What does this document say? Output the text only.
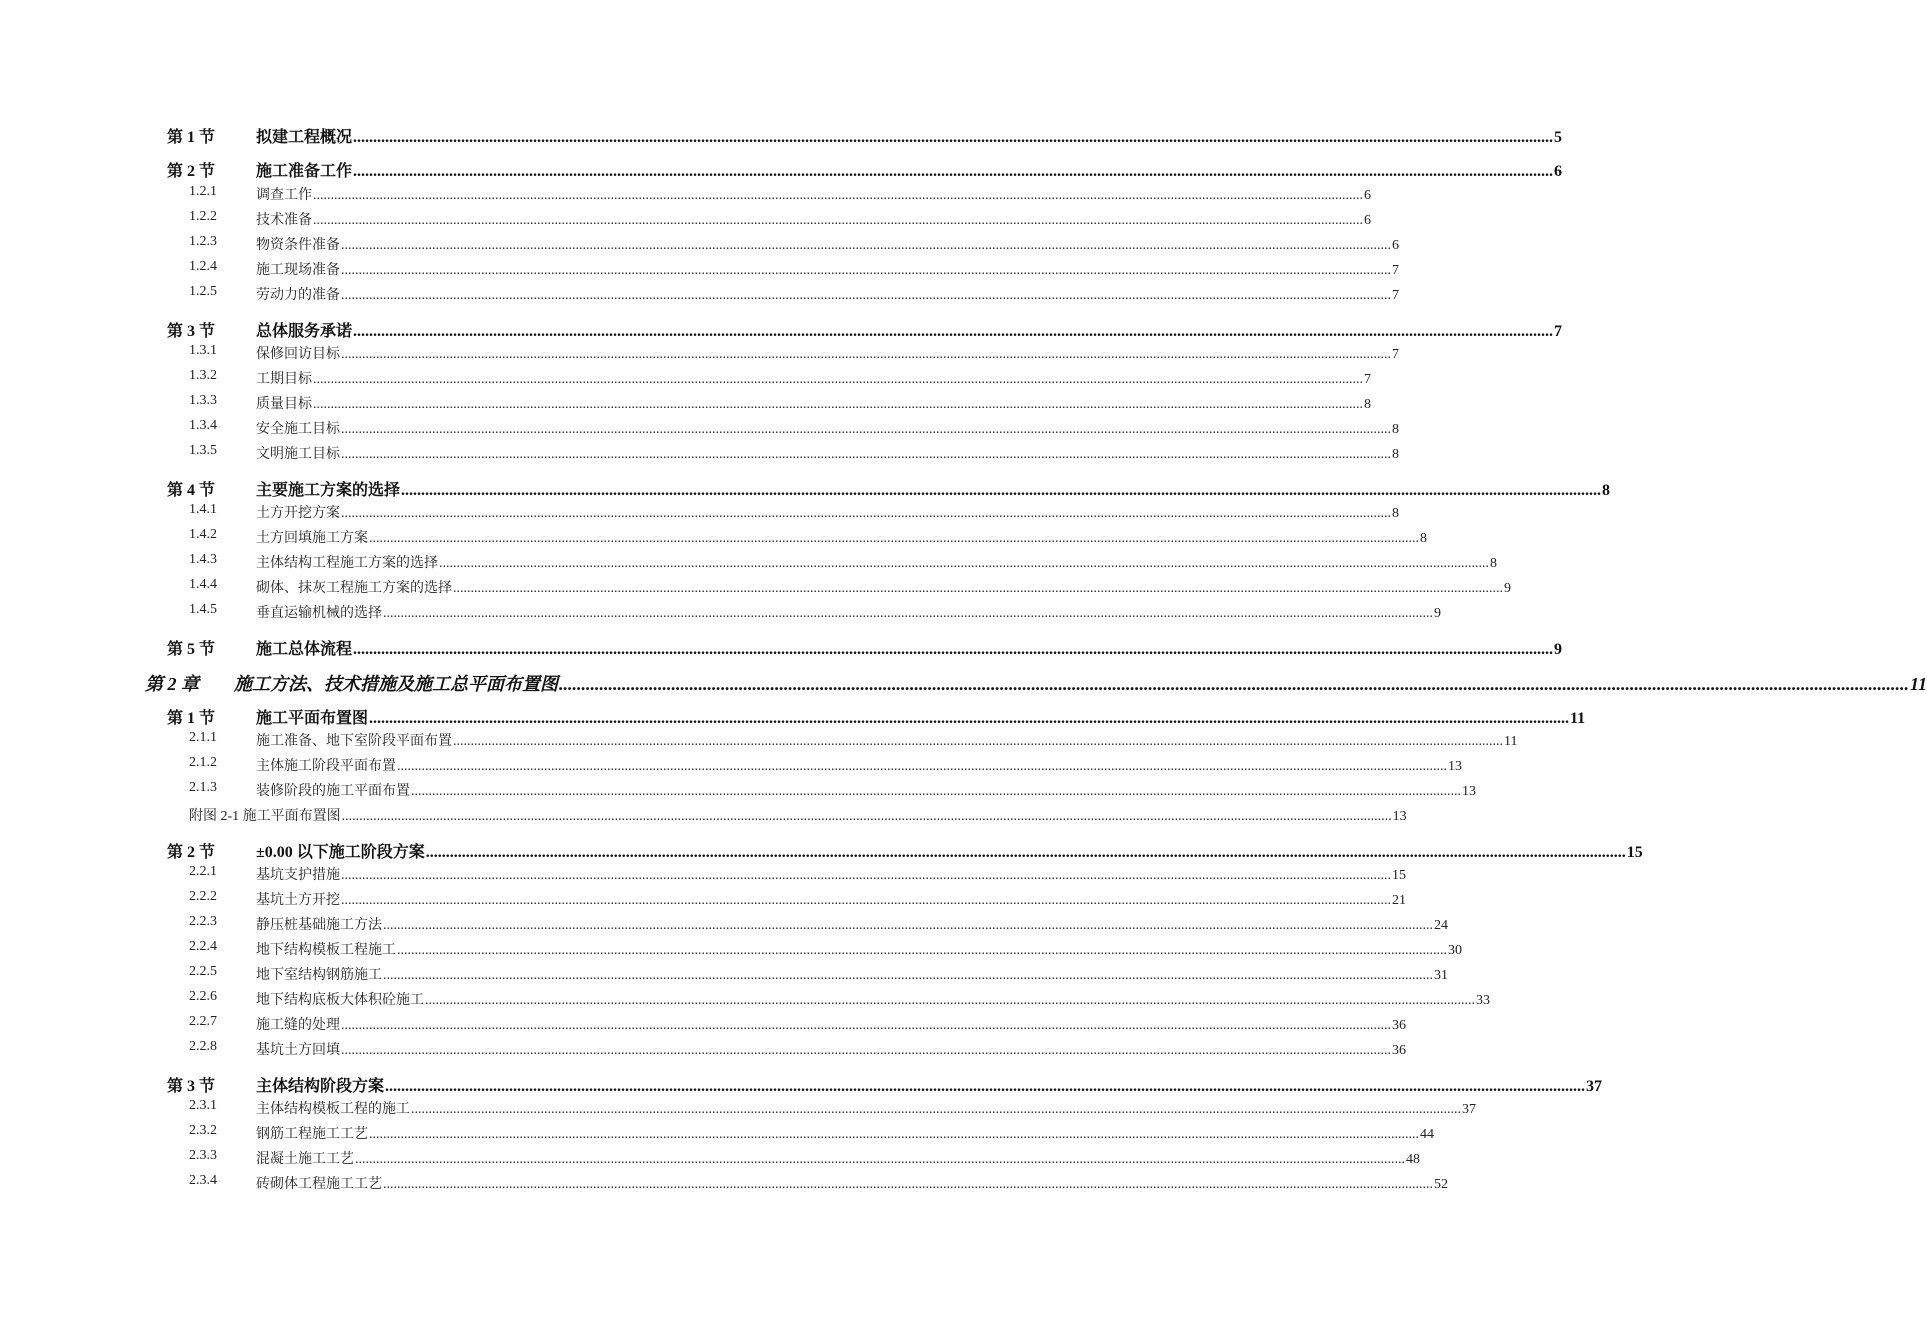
第 1 节	拟建工程概况 ............................................................................................................................................................................................................................................................................................................ 5
第 2 节	施工准备工作 ............................................................................................................................................................................................................................................................................................................ 6
1.2.1	调查工作 ............................................................................................................................................................................................................................................................................................................ 6
1.2.2	技术准备 ............................................................................................................................................................................................................................................................................................................ 6
1.2.3	物资条件准备 ............................................................................................................................................................................................................................................................................................................ 6
1.2.4	施工现场准备 ............................................................................................................................................................................................................................................................................................................ 7
1.2.5	劳动力的准备 ............................................................................................................................................................................................................................................................................................................ 7
第 3 节	总体服务承诺 ............................................................................................................................................................................................................................................................................................................ 7
1.3.1	保修回访目标 ............................................................................................................................................................................................................................................................................................................ 7
1.3.2	工期目标 ............................................................................................................................................................................................................................................................................................................ 7
1.3.3	质量目标 ............................................................................................................................................................................................................................................................................................................ 8
1.3.4	安全施工目标 ............................................................................................................................................................................................................................................................................................................ 8
1.3.5	文明施工目标 ............................................................................................................................................................................................................................................................................................................ 8
第 4 节	主要施工方案的选择 ............................................................................................................................................................................................................................................................................................................ 8
1.4.1	土方开挖方案 ............................................................................................................................................................................................................................................................................................................ 8
1.4.2	土方回填施工方案 ............................................................................................................................................................................................................................................................................................................ 8
1.4.3	主体结构工程施工方案的选择 ............................................................................................................................................................................................................................................................................................................ 8
1.4.4	砌体、抹灰工程施工方案的选择 ............................................................................................................................................................................................................................................................................................................ 9
1.4.5	垂直运输机械的选择 ............................................................................................................................................................................................................................................................................................................ 9
第 5 节	施工总体流程 ............................................................................................................................................................................................................................................................................................................ 9
第 2 章 施工方法、技术措施及施工总平面布置图 ............................................................................................................................................................................................................................................................................................................ 11
第 1 节	施工平面布置图 ............................................................................................................................................................................................................................................................................................................ 11
2.1.1	施工准备、地下室阶段平面布置 ............................................................................................................................................................................................................................................................................................................ 11
2.1.2	主体施工阶段平面布置 ............................................................................................................................................................................................................................................................................................................ 13
2.1.3	装修阶段的施工平面布置 ............................................................................................................................................................................................................................................................................................................ 13
附图 2-1 施工平面布置图 ............................................................................................................................................................................................................................................................................................................ 13
第 2 节	±0.00 以下施工阶段方案 ............................................................................................................................................................................................................................................................................................................ 15
2.2.1	基坑支护措施 ............................................................................................................................................................................................................................................................................................................ 15
2.2.2	基坑土方开挖 ............................................................................................................................................................................................................................................................................................................ 21
2.2.3	静压桩基础施工方法 ............................................................................................................................................................................................................................................................................................................ 24
2.2.4	地下结构模板工程施工 ............................................................................................................................................................................................................................................................................................................ 30
2.2.5	地下室结构钢筋施工 ............................................................................................................................................................................................................................................................................................................ 31
2.2.6	地下结构底板大体积砼施工 ............................................................................................................................................................................................................................................................................................................ 33
2.2.7	施工缝的处理 ............................................................................................................................................................................................................................................................................................................ 36
2.2.8	基坑土方回填 ............................................................................................................................................................................................................................................................................................................ 36
第 3 节	主体结构阶段方案 ............................................................................................................................................................................................................................................................................................................ 37
2.3.1	主体结构模板工程的施工 ............................................................................................................................................................................................................................................................................................................ 37
2.3.2	钢筋工程施工工艺 ............................................................................................................................................................................................................................................................................................................ 44
2.3.3	混凝土施工工艺 ............................................................................................................................................................................................................................................................................................................ 48
2.3.4	砖砌体工程施工工艺 ............................................................................................................................................................................................................................................................................................................ 52
